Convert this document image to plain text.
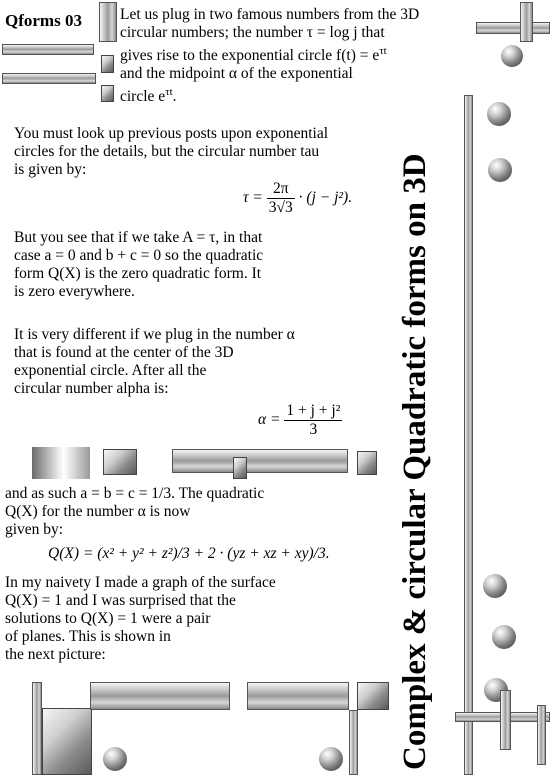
Qforms 03
Complex & circular Quadratic forms on 3D
Let us plug in two famous numbers from the 3D
circular numbers; the number τ = log j that
gives rise to the exponential circle $f(t) = e^{\tau t}$
and the midpoint α of the exponential
circle $e^{\tau t}$.
You must look up previous posts upon exponential
circles for the details, but the circular number tau
is given by:
$\tau = \frac{2\pi}{3√3} \cdot (j - j^2)$.
But you see that if we take A = τ, in that
case a = 0 and b + c = 0 so the quadratic
form Q(X) is the zero quadratic form. It
is zero everywhere.
It is very different if we plug in the number α
that is found at the center of the 3D
exponential circle. After all the
circular number alpha is:
$\alpha = \frac{\text{1 + j + j²}}{3}$
and as such a = b = c = 1/3. The quadratic
Q(X) for the number α is now
given by:
Q(X) = (x² + y² + z²)/3 + 2 · (yz + xz + xy)/3.
In my naivety I made a graph of the surface
Q(X) = 1 and I was surprised that the
solutions to Q(X) = 1 were a pair
of planes. This is shown in
the next picture:
